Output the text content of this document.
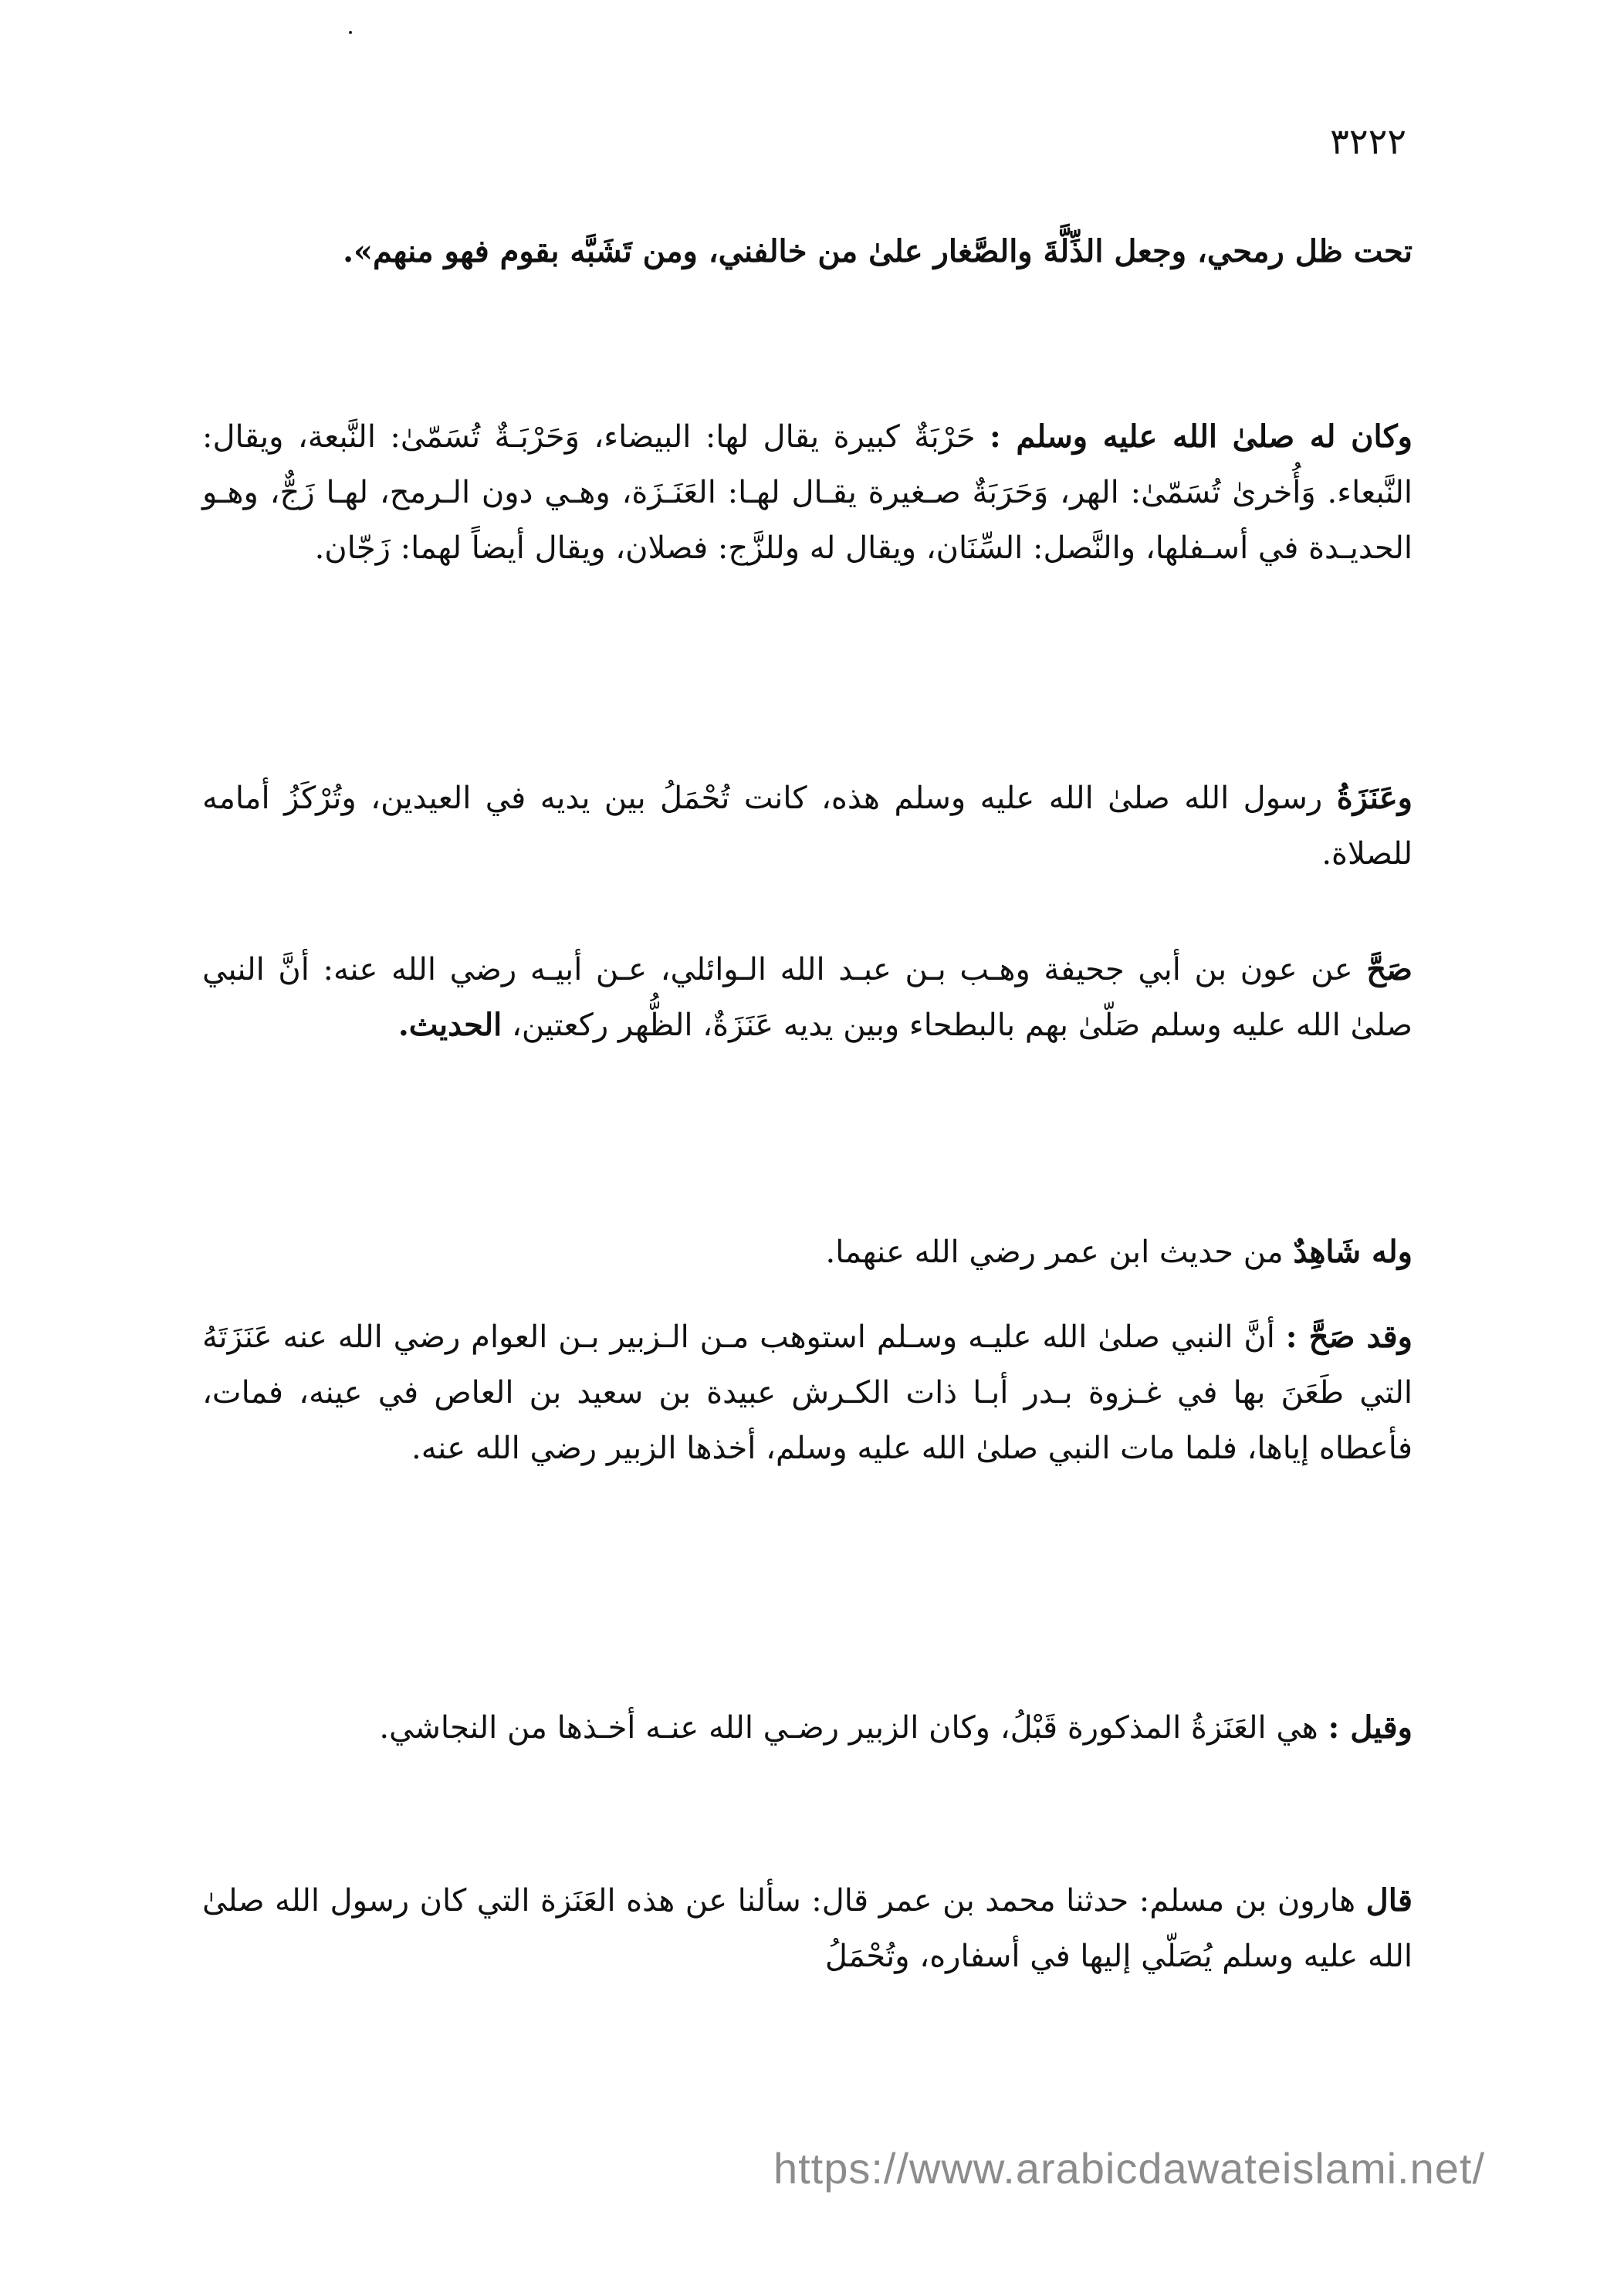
٣٢٢٢

تحت ظل رمحي، وجعل الذِّلَّةَ والصَّغار علىٰ من خالفني، ومن تَشَبَّه بقوم فهو منهم».

وكان له صلىٰ الله عليه وسلم : حَرْبَةٌ كبيرة يقال لها: البيضاء، وَحَرْبَـةٌ تُسَمّىٰ: النَّبعة، ويقال: النَّبعاء. وَأُخرىٰ تُسَمّىٰ: الهر، وَحَرَبَةٌ صـغيرة يقـال لهـا: العَنَـزَة، وهـي دون الـرمح، لهـا زَجٌّ، وهـو الحديـدة في أسـفلها، والنَّصل: السِّنَان، ويقال له وللزَّج: فصلان، ويقال أيضاً لهما: زَجّان.

وعَنَزَةُ رسول الله صلىٰ الله عليه وسلم هذه، كانت تُحْمَلُ بين يديه في العيدين، وتُرْكَزُ أمامه للصلاة.

صَحَّ عن عون بن أبي جحيفة وهـب بـن عبـد الله الـوائلي، عـن أبيـه رضي الله عنه: أنَّ النبي صلىٰ الله عليه وسلم صَلّىٰ بهم بالبطحاء وبين يديه عَنَزَةٌ، الظُّهر ركعتين، الحديث.

وله شَاهِدٌ من حديث ابن عمر رضي الله عنهما.

وقد صَحَّ : أنَّ النبي صلىٰ الله عليـه وسـلم استوهب مـن الـزبير بـن العوام رضي الله عنه عَنَزَتَهُ التي طَعَنَ بها في غـزوة بـدر أبـا ذات الكـرش عبيدة بن سعيد بن العاص في عينه، فمات، فأعطاه إياها، فلما مات النبي صلىٰ الله عليه وسلم، أخذها الزبير رضي الله عنه.

وقيل : هي العَنَزةُ المذكورة قَبْلُ، وكان الزبير رضـي الله عنـه أخـذها من النجاشي.

قال هارون بن مسلم: حدثنا محمد بن عمر قال: سألنا عن هذه العَنَزة التي كان رسول الله صلىٰ الله عليه وسلم يُصَلّي إليها في أسفاره، وتُحْمَلُ

https://www.arabicdawateislami.net/
